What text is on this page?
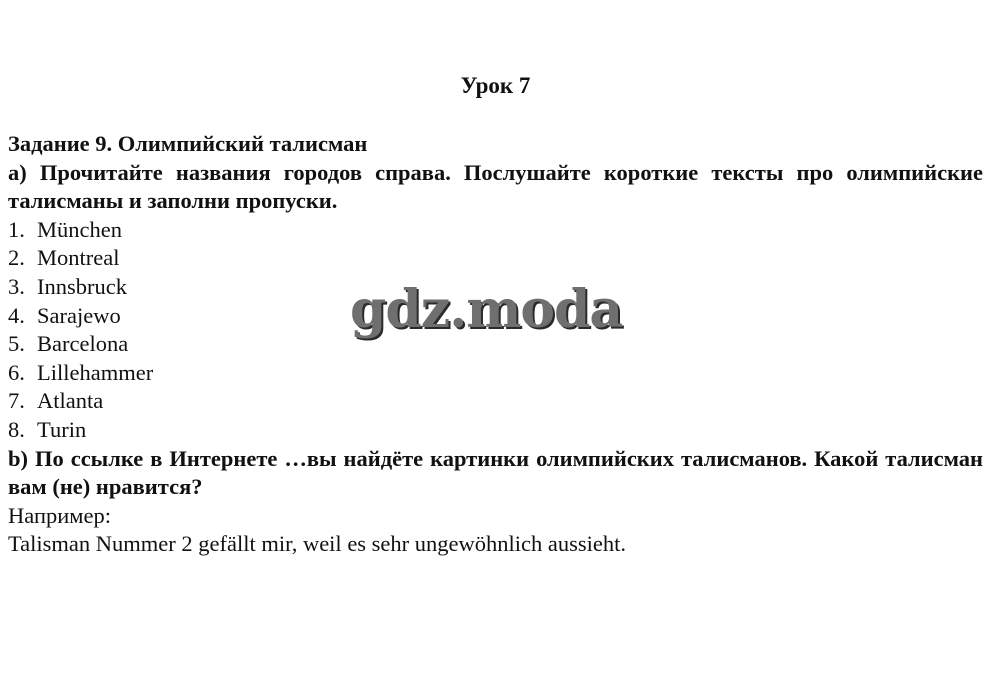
Урок 7
Задание 9. Олимпийский талисман
а) Прочитайте названия городов справа. Послушайте короткие тексты про олимпийские талисманы и заполни пропуски.
1. München
2. Montreal
3. Innsbruck
4. Sarajewo
5. Barcelona
6. Lillehammer
7. Atlanta
8. Turin
b) По ссылке в Интернете …вы найдёте картинки олимпийских талисманов. Какой талисман вам (не) нравится?
Например:
Talisman Nummer 2 gefällt mir, weil es sehr ungewöhnlich aussieht.
gdz.moda
